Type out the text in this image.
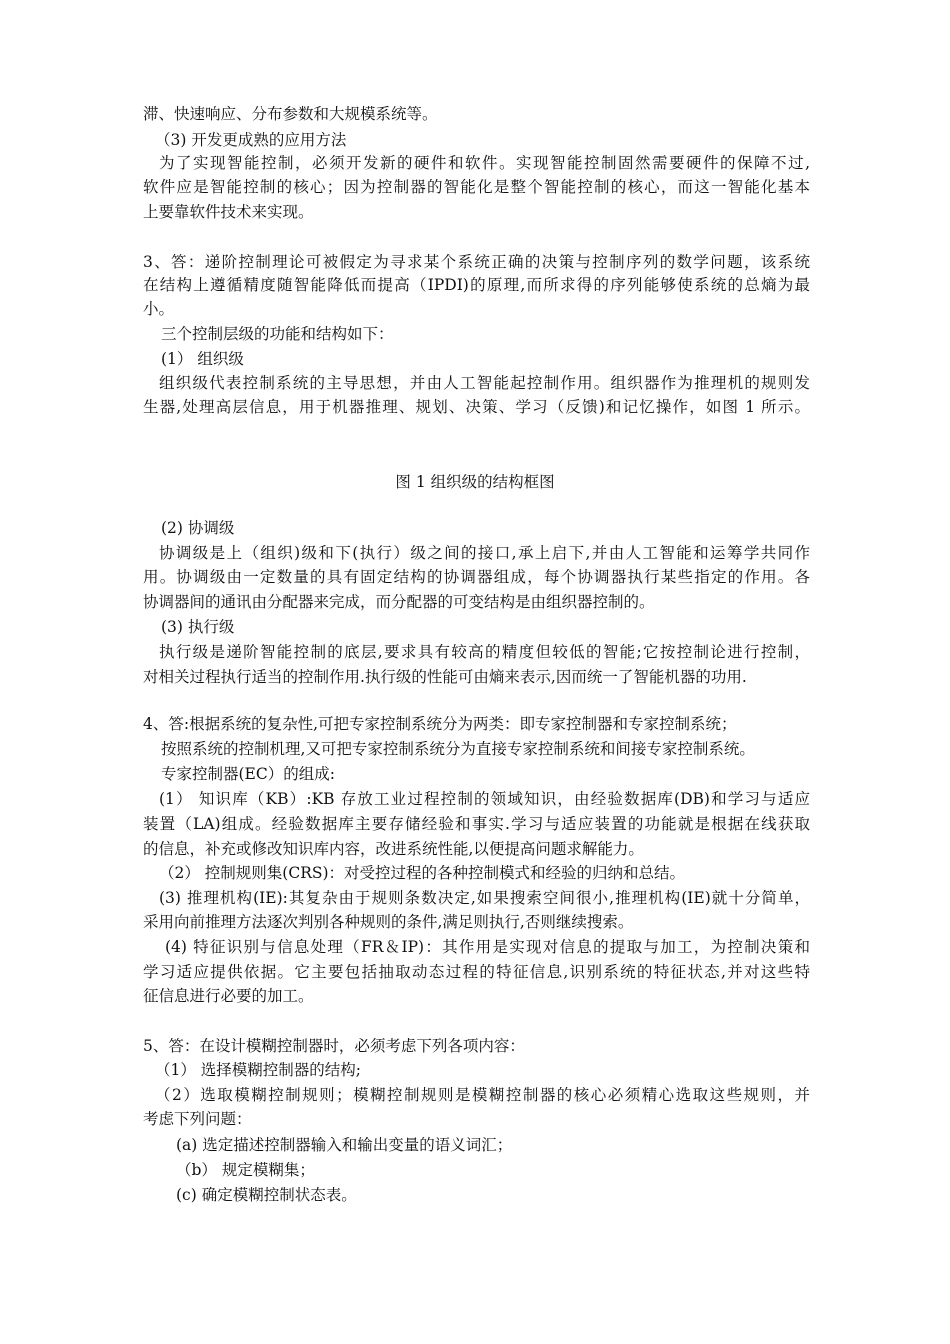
滞、快速响应、分布参数和大规模系统等。
（3) 开发更成熟的应用方法
为了实现智能控制，必须开发新的硬件和软件。实现智能控制固然需要硬件的保障不过,
软件应是智能控制的核心；因为控制器的智能化是整个智能控制的核心，而这一智能化基本
上要靠软件技术来实现。
3、答：递阶控制理论可被假定为寻求某个系统正确的决策与控制序列的数学问题，该系统
在结构上遵循精度随智能降低而提高（IPDI)的原理,而所求得的序列能够使系统的总熵为最
小。
三个控制层级的功能和结构如下：
(1） 组织级
组织级代表控制系统的主导思想，并由人工智能起控制作用。组织器作为推理机的规则发
生器,处理高层信息，用于机器推理、规划、决策、学习（反馈)和记忆操作，如图 1 所示。
图 1 组织级的结构框图
(2) 协调级
协调级是上（组织)级和下(执行）级之间的接口,承上启下,并由人工智能和运筹学共同作
用。协调级由一定数量的具有固定结构的协调器组成，每个协调器执行某些指定的作用。各
协调器间的通讯由分配器来完成，而分配器的可变结构是由组织器控制的。
(3) 执行级
执行级是递阶智能控制的底层,要求具有较高的精度但较低的智能;它按控制论进行控制，
对相关过程执行适当的控制作用.执行级的性能可由熵来表示,因而统一了智能机器的功用.
4、答:根据系统的复杂性,可把专家控制系统分为两类：即专家控制器和专家控制系统；
按照系统的控制机理,又可把专家控制系统分为直接专家控制系统和间接专家控制系统。
专家控制器(EC）的组成:
(1） 知识库（KB）:KB 存放工业过程控制的领域知识，由经验数据库(DB)和学习与适应
装置（LA)组成。经验数据库主要存储经验和事实.学习与适应装置的功能就是根据在线获取
的信息，补充或修改知识库内容，改进系统性能,以便提高问题求解能力。
（2） 控制规则集(CRS)：对受控过程的各种控制模式和经验的归纳和总结。
(3) 推理机构(IE):其复杂由于规则条数决定,如果搜索空间很小,推理机构(IE)就十分简单，
采用向前推理方法逐次判别各种规则的条件,满足则执行,否则继续搜索。
(4) 特征识别与信息处理（FR＆IP)：其作用是实现对信息的提取与加工，为控制决策和
学习适应提供依据。它主要包括抽取动态过程的特征信息,识别系统的特征状态,并对这些特
征信息进行必要的加工。
5、答：在设计模糊控制器时，必须考虑下列各项内容：
（1） 选择模糊控制器的结构;
（2）选取模糊控制规则；模糊控制规则是模糊控制器的核心必须精心选取这些规则，并
考虑下列问题：
(a) 选定描述控制器输入和输出变量的语义词汇；
（b） 规定模糊集；
(c) 确定模糊控制状态表。
